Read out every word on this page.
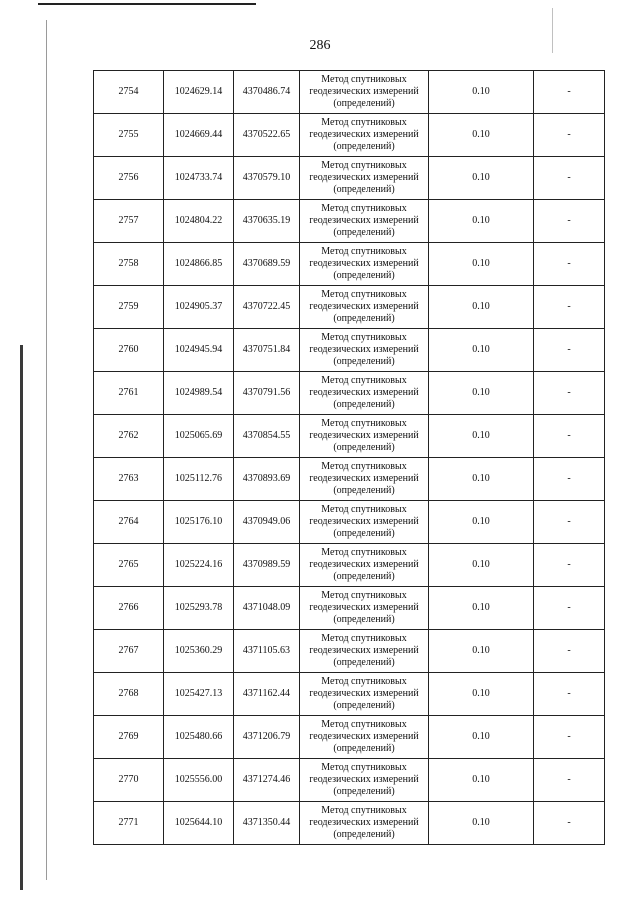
286
2754	1024629.14	4370486.74	Метод спутниковых
геодезических измерений
(определений)	0.10	-
2755	1024669.44	4370522.65	Метод спутниковых
геодезических измерений
(определений)	0.10	-
2756	1024733.74	4370579.10	Метод спутниковых
геодезических измерений
(определений)	0.10	-
2757	1024804.22	4370635.19	Метод спутниковых
геодезических измерений
(определений)	0.10	-
2758	1024866.85	4370689.59	Метод спутниковых
геодезических измерений
(определений)	0.10	-
2759	1024905.37	4370722.45	Метод спутниковых
геодезических измерений
(определений)	0.10	-
2760	1024945.94	4370751.84	Метод спутниковых
геодезических измерений
(определений)	0.10	-
2761	1024989.54	4370791.56	Метод спутниковых
геодезических измерений
(определений)	0.10	-
2762	1025065.69	4370854.55	Метод спутниковых
геодезических измерений
(определений)	0.10	-
2763	1025112.76	4370893.69	Метод спутниковых
геодезических измерений
(определений)	0.10	-
2764	1025176.10	4370949.06	Метод спутниковых
геодезических измерений
(определений)	0.10	-
2765	1025224.16	4370989.59	Метод спутниковых
геодезических измерений
(определений)	0.10	-
2766	1025293.78	4371048.09	Метод спутниковых
геодезических измерений
(определений)	0.10	-
2767	1025360.29	4371105.63	Метод спутниковых
геодезических измерений
(определений)	0.10	-
2768	1025427.13	4371162.44	Метод спутниковых
геодезических измерений
(определений)	0.10	-
2769	1025480.66	4371206.79	Метод спутниковых
геодезических измерений
(определений)	0.10	-
2770	1025556.00	4371274.46	Метод спутниковых
геодезических измерений
(определений)	0.10	-
2771	1025644.10	4371350.44	Метод спутниковых
геодезических измерений
(определений)	0.10	-
